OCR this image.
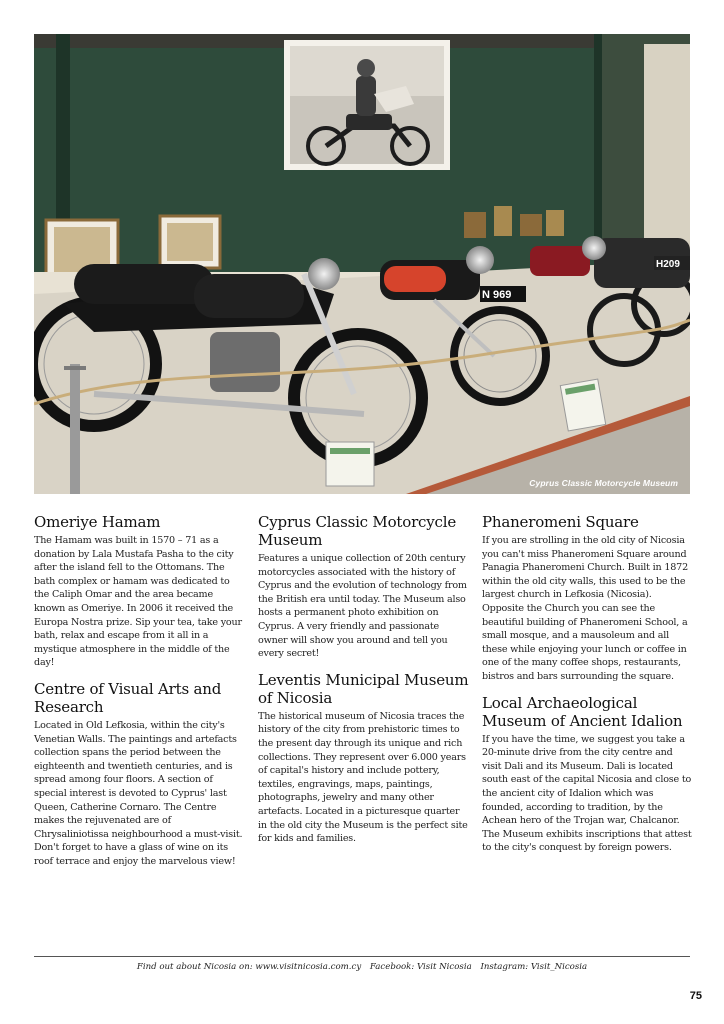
H209
N 969
Cyprus Classic Motorcycle Museum
Omeriye Hamam

The Hamam was built in 1570 – 71 as a donation by Lala Mustafa Pasha to the city after the island fell to the Ottomans. The bath complex or hamam was dedicated to the Caliph Omar and the area became known as Omeriye. In 2006 it received the Europa Nostra prize. Sip your tea, take your bath, relax and escape from it all in a mystique atmosphere in the middle of the day!

Centre of Visual Arts and Research

Located in Old Lefkosia, within the city's Venetian Walls. The paintings and artefacts collection spans the period between the eighteenth and twentieth centuries, and is spread among four floors. A section of special interest is devoted to Cyprus' last Queen, Catherine Cornaro. The Centre makes the rejuvenated are of Chrysaliniotissa neighbourhood a must-visit. Don't forget to have a glass of wine on its roof terrace and enjoy the marvelous view!

Cyprus Classic Motorcycle Museum

Features a unique collection of 20th century motorcycles associated with the history of Cyprus and the evolution of technology from the British era until today. The Museum also hosts a permanent photo exhibition on Cyprus. A very friendly and passionate owner will show you around and tell you every secret!

Leventis Municipal Museum of Nicosia

The historical museum of Nicosia traces the history of the city from prehistoric times to the present day through its unique and rich collections. They represent over 6.000 years of capital's history and include pottery, textiles, engravings, maps, paintings, photographs, jewelry and many other artefacts. Located in a picturesque quarter in the old city the Museum is the perfect site for kids and families.

Phaneromeni Square

If you are strolling in the old city of Nicosia you can't miss Phaneromeni Square around Panagia Phaneromeni Church. Built in 1872 within the old city walls, this used to be the largest church in Lefkosia (Nicosia). Opposite the Church you can see the beautiful building of Phaneromeni School, a small mosque, and a mausoleum and all these while enjoying your lunch or coffee in one of the many coffee shops, restaurants, bistros and bars surrounding the square.

Local Archaeological Museum of Ancient Idalion

If you have the time, we suggest you take a 20-minute drive from the city centre and visit Dali and its Museum. Dali is located south east of the capital Nicosia and close to the ancient city of Idalion which was founded, according to tradition, by the Achean hero of the Trojan war, Chalcanor. The Museum exhibits inscriptions that attest to the city's conquest by foreign powers.

Find out about Nicosia on: www.visitnicosia.com.cy Facebook: Visit Nicosia Instagram: Visit_Nicosia
75
